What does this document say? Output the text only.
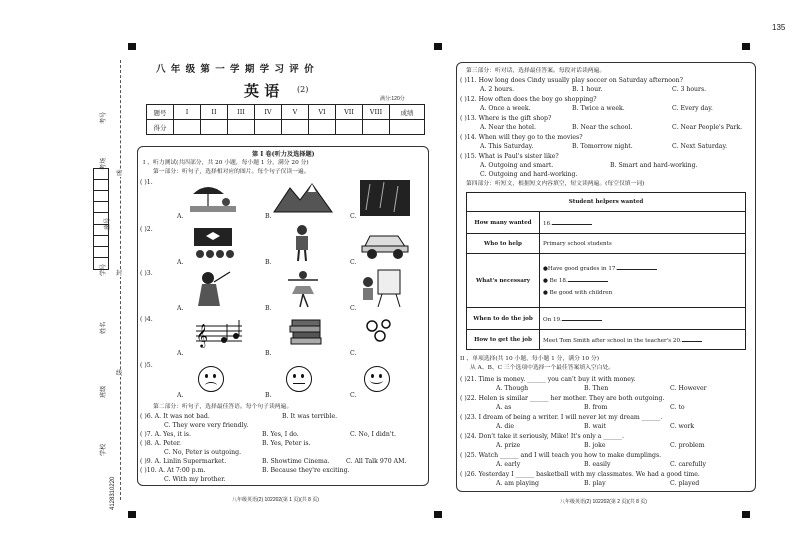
135
考号
考场
座号
学号
姓名
班级
学校
4128310220
密
封
线
八 年 级 第 一 学 期 学 习 评 价
英 语 (2)
满分:120分
题号	I	II	III	IV	V	VI	VII	VIII	成绩
得分									
第 I 卷(听力及选择题)
I 、听力测试(共四部分，共 20 小题，每小题 1 分，满分 20 分)
第一部分：听句子，选择相对应的图片。每个句子仅读一遍。
( )1.
( )2.
( )3.
( )4.
( )5.
A.	B.	C.
A.	B.	C.
A.	B.	C.
A.	B.	C.
A.	B.	C.
𝄞
第二部分：听句子，选择最佳答语。每个句子读两遍。
( )6. A. It was not bad.	B. It was terrible.
C. They were very friendly.
( )7. A. Yes, it is.	B. Yes, I do.	C. No, I didn't.
( )8. A. Peter.	B. Yes, Peter is.
C. No, Peter is outgoing.
( )9. A. Linlin Supermarket.	B. Showtime Cinema.	C. All Talk 970 AM.
( )10. A. At 7:00 p.m.	B. Because they're exciting.
C. With my brother.
八年级英语(2) 102202(第 1 页)(共 8 页)
第三部分：听对话，选择最佳答案。每段对话读两遍。
( )11. How long does Cindy usually play soccer on Saturday afternoon?
A. 2 hours.	B. 1 hour.	C. 3 hours.
( )12. How often does the boy go shopping?
A. Once a week.	B. Twice a week.	C. Every day.
( )13. Where is the gift shop?
A. Near the hotel.	B. Near the school.	C. Near People's Park.
( )14. When will they go to the movies?
A. This Saturday.	B. Tomorrow night.	C. Next Saturday.
( )15. What is Paul's sister like?
A. Outgoing and smart.	B. Smart and hard-working.
C. Outgoing and hard-working.
第四部分：听短文，根据短文内容填空，短文读两遍。(每空仅填一词)
Student helpers wanted	
How many wanted	16.
Who to help	Primary school students
What's necessary	●Have good grades in 17.
● Be 18.
● Be good with children

When to do the job	On 19.
How to get the job	Meet Tom Smith after school in the teacher's 20.
II 、单项选择(共 10 小题，每小题 1 分，满分 10 分)
从 A、B、C 三个选项中选择一个最佳答案填入空白处。
( )21. Time is money. ______ you can't buy it with money.
A. Though	B. Then	C. However
( )22. Helen is similar ______ her mother. They are both outgoing.
A. as	B. from	C. to
( )23. I dream of being a writer. I will never let my dream ______.
A. die	B. wait	C. work
( )24. Don't take it seriously, Mike! It's only a ______.
A. prize	B. joke	C. problem
( )25. Watch ______ and I will teach you how to make dumplings.
A. early	B. easily	C. carefully
( )26. Yesterday I ______ basketball with my classmates. We had a good time.
A. am playing	B. play	C. played
八年级英语(2) 102202(第 2 页)(共 8 页)
